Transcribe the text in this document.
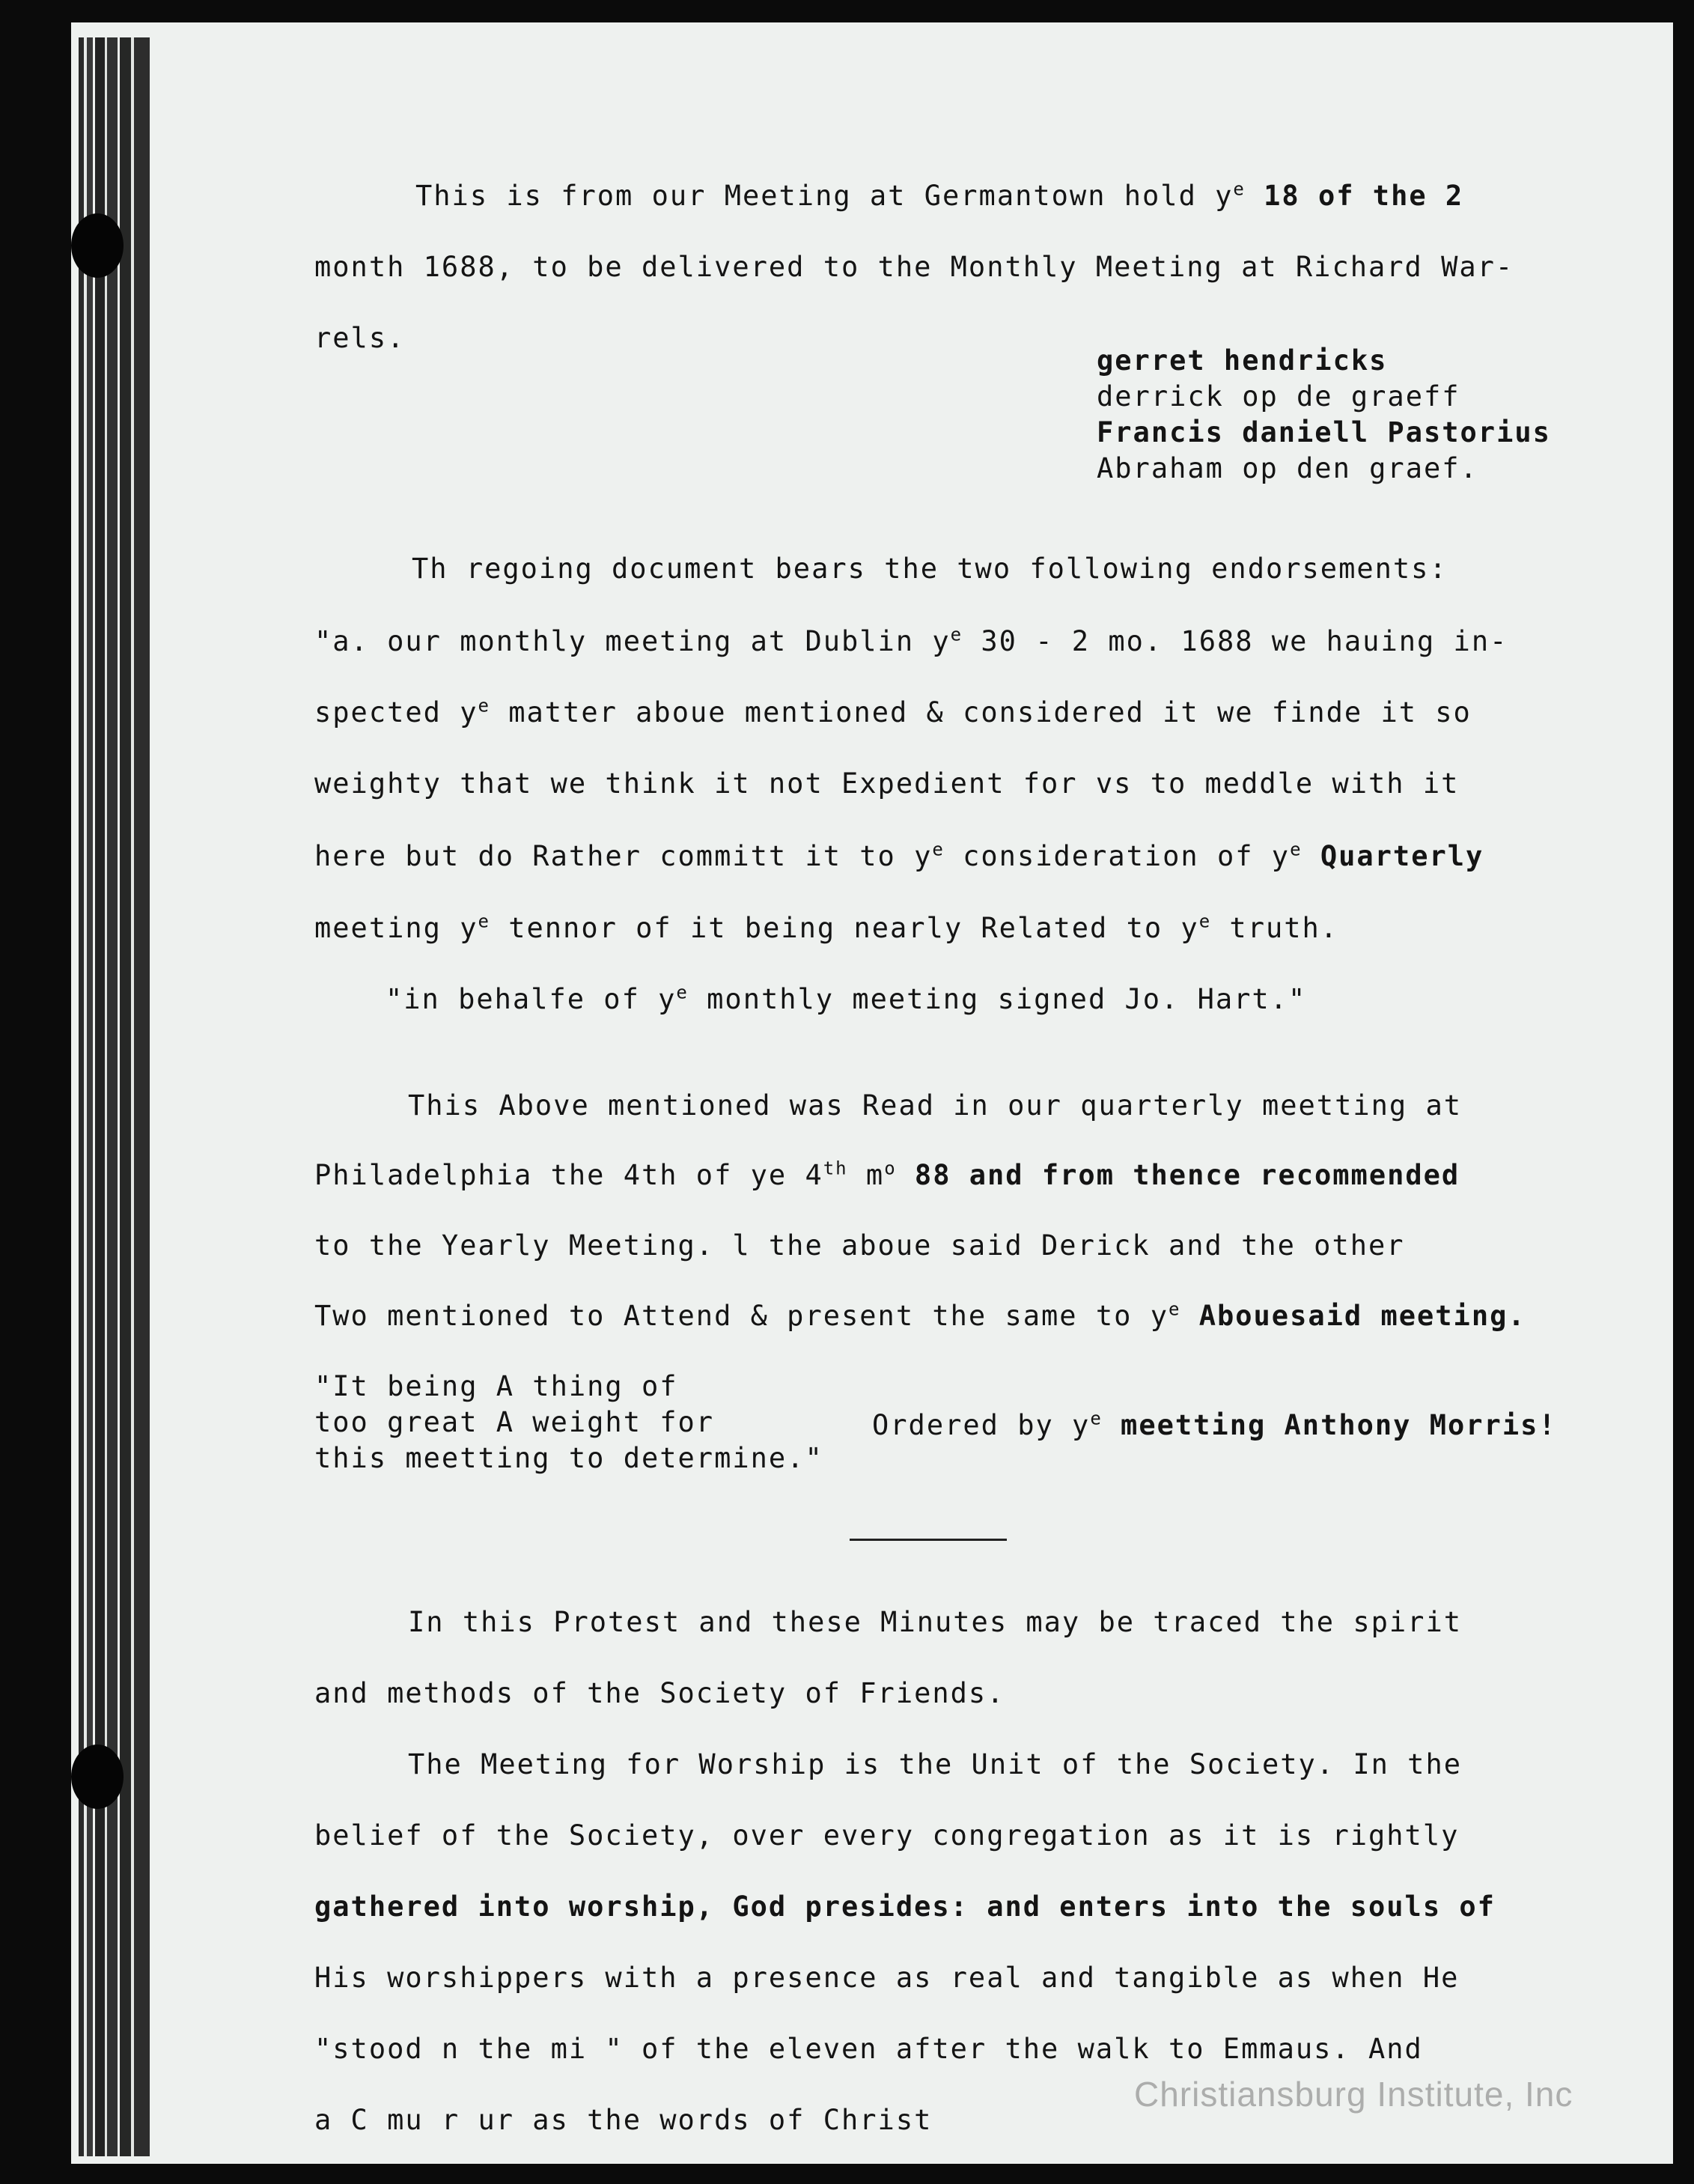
This is from our Meeting at Germantown hold $y^e$ 18 of the 2
month 1688, to be delivered to the Monthly Meeting at Richard War-
rels.
gerret hendricks
derrick op de graeff
Francis daniell Pastorius
Abraham op den graef.
Th regoing document bears the two following endorsements:
"a. our monthly meeting at Dublin $y^e$ 30 - 2 mo. 1688 we hauing in-
spected $y^e$ matter aboue mentioned & considered it we finde it so
weighty that we think it not Expedient for vs to meddle with it
here but do Rather committ it to $y^e$ consideration of $y^e$ Quarterly
meeting $y^e$ tennor of it being nearly Related to $y^e$ truth.
"in behalfe of $y^e$ monthly meeting signed Jo. Hart."
This Above mentioned was Read in our quarterly meetting at
Philadelphia the 4th of ye 4th $m^o$ 88 and from thence recommended
to the Yearly Meeting. l the aboue said Derick and the other
Two mentioned to Attend & present the same to $y^e$ Abouesaid meeting.
"It being A thing of
too great A weight for
this meetting to determine."
Ordered by $y^e$ meetting Anthony Morris!
In this Protest and these Minutes may be traced the spirit
and methods of the Society of Friends.
The Meeting for Worship is the Unit of the Society. In the
belief of the Society, over every congregation as it is rightly
gathered into worship, God presides: and enters into the souls of
His worshippers with a presence as real and tangible as when He
"stood n the mi " of the eleven after the walk to Emmaus. And
a C mu r ur as the words of Christ
Christiansburg Institute, Inc
